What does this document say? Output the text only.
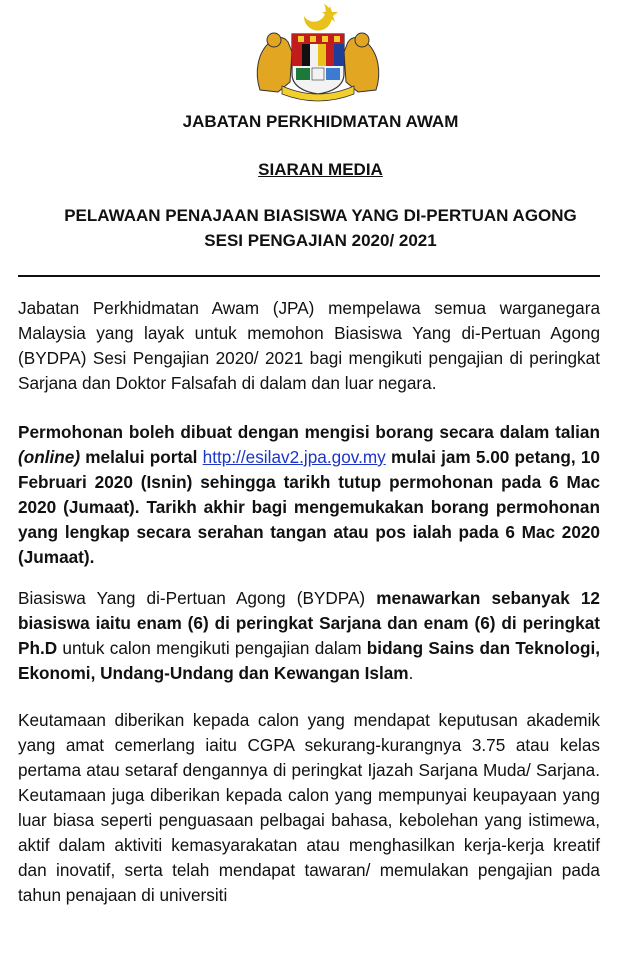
JABATAN PERKHIDMATAN AWAM
SIARAN MEDIA
PELAWAAN PENAJAAN BIASISWA YANG DI-PERTUAN AGONG
SESI PENGAJIAN 2020/ 2021

Jabatan Perkhidmatan Awam (JPA) mempelawa semua warganegara Malaysia yang layak untuk memohon Biasiswa Yang di-Pertuan Agong (BYDPA) Sesi Pengajian 2020/ 2021 bagi mengikuti pengajian di peringkat Sarjana dan Doktor Falsafah di dalam dan luar negara.

Permohonan boleh dibuat dengan mengisi borang secara dalam talian (online) melalui portal http://esilav2.jpa.gov.my mulai jam 5.00 petang, 10 Februari 2020 (Isnin) sehingga tarikh tutup permohonan pada 6 Mac 2020 (Jumaat). Tarikh akhir bagi mengemukakan borang permohonan yang lengkap secara serahan tangan atau pos ialah pada 6 Mac 2020 (Jumaat).

Biasiswa Yang di-Pertuan Agong (BYDPA) menawarkan sebanyak 12 biasiswa iaitu enam (6) di peringkat Sarjana dan enam (6) di peringkat Ph.D untuk calon mengikuti pengajian dalam bidang Sains dan Teknologi, Ekonomi, Undang-Undang dan Kewangan Islam.

Keutamaan diberikan kepada calon yang mendapat keputusan akademik yang amat cemerlang iaitu CGPA sekurang-kurangnya 3.75 atau kelas pertama atau setaraf dengannya di peringkat Ijazah Sarjana Muda/ Sarjana. Keutamaan juga diberikan kepada calon yang mempunyai keupayaan yang luar biasa seperti penguasaan pelbagai bahasa, kebolehan yang istimewa, aktif dalam aktiviti kemasyarakatan atau menghasilkan kerja-kerja kreatif dan inovatif, serta telah mendapat tawaran/ memulakan pengajian pada tahun penajaan di universiti
